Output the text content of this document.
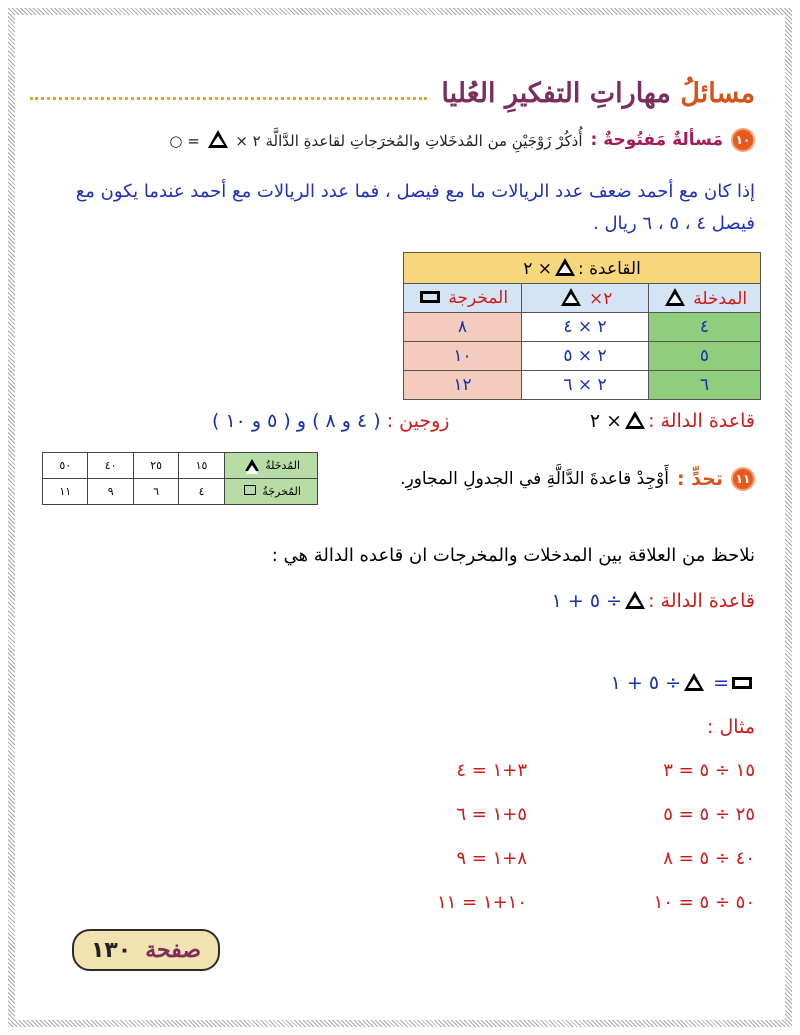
مسائلُ مهاراتِ التفكيرِ العُليا
١٠
مَسألةٌ مَفتُوحةٌ :
أُذكُرْ زَوْجَيْنِ من المُدخَلاتِ والمُخرَجاتِ لقاعدةِ الدَّالَّة ٢ ×  = ○
إذا كان مع أحمد ضعف عدد الريالات ما مع فيصل ، فما عدد الريالات مع أحمد عندما يكون مع فيصل ٤ ، ٥ ، ٦ ريال .
القاعدة :× ٢		
المدخلة	٢×	المخرجة
٤	٢ × ٤	٨
٥	٢ × ٥	١٠
٦	٢ × ٦	١٢
قاعدة الدالة :× ٢
زوجين : ( ٤ و ٨ ) و ( ٥ و ١٠ )
١١
تحدٍّ :
أَوْجِدْ قاعدةَ الدَّالَّةِ في الجدولِ المجاورِ.
المُدخَلةُ	١٥	٢٥	٤٠	٥٠
المُخرجَةُ	٤	٦	٩	١١
نلاحظ من العلاقة بين المدخلات والمخرجات ان قاعده الدالة هي :
قاعدة الدالة :÷ ٥ + ١
= ÷ ٥ + ١
مثال :
١٥ ÷ ٥ = ٣
٢٥ ÷ ٥ = ٥
٤٠ ÷ ٥ = ٨
٥٠ ÷ ٥ = ١٠
٣+١ = ٤
٥+١ = ٦
٨+١ = ٩
١٠+١ = ١١
صفحة
١٣٠
